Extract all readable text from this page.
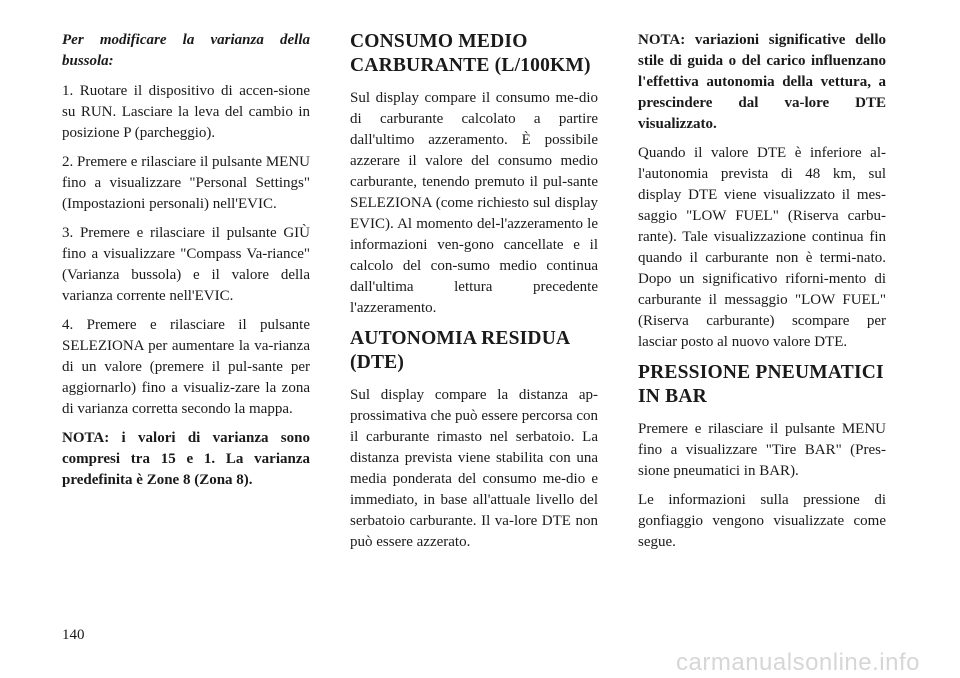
Per modificare la varianza della bussola:

1. Ruotare il dispositivo di accen-sione su RUN. Lasciare la leva del cambio in posizione P (parcheggio).

2. Premere e rilasciare il pulsante MENU fino a visualizzare "Personal Settings" (Impostazioni personali) nell'EVIC.

3. Premere e rilasciare il pulsante GIÙ fino a visualizzare "Compass Va-riance" (Varianza bussola) e il valore della varianza corrente nell'EVIC.

4. Premere e rilasciare il pulsante SELEZIONA per aumentare la va-rianza di un valore (premere il pul-sante per aggiornarlo) fino a visualiz-zare la zona di varianza corretta secondo la mappa.

NOTA: i valori di varianza sono compresi tra 15 e 1. La varianza predefinita è Zone 8 (Zona 8).

CONSUMO MEDIO CARBURANTE (L/100KM)

Sul display compare il consumo me-dio di carburante calcolato a partire dall'ultimo azzeramento. È possibile azzerare il valore del consumo medio carburante, tenendo premuto il pul-sante SELEZIONA (come richiesto sul display EVIC). Al momento del-l'azzeramento le informazioni ven-gono cancellate e il calcolo del con-sumo medio continua dall'ultima lettura precedente l'azzeramento.

AUTONOMIA RESIDUA (DTE)

Sul display compare la distanza ap-prossimativa che può essere percorsa con il carburante rimasto nel serbatoio. La distanza prevista viene stabilita con una media ponderata del consumo me-dio e immediato, in base all'attuale livello del serbatoio carburante. Il va-lore DTE non può essere azzerato.

NOTA: variazioni significative dello stile di guida o del carico influenzano l'effettiva autonomia della vettura, a prescindere dal va-lore DTE visualizzato.

Quando il valore DTE è inferiore al-l'autonomia prevista di 48 km, sul display DTE viene visualizzato il mes-saggio "LOW FUEL" (Riserva carbu-rante). Tale visualizzazione continua fin quando il carburante non è termi-nato. Dopo un significativo riforni-mento di carburante il messaggio "LOW FUEL" (Riserva carburante) scompare per lasciar posto al nuovo valore DTE.

PRESSIONE PNEUMATICI IN BAR

Premere e rilasciare il pulsante MENU fino a visualizzare "Tire BAR" (Pres-sione pneumatici in BAR).

Le informazioni sulla pressione di gonfiaggio vengono visualizzate come segue.

140
carmanualsonline.info
